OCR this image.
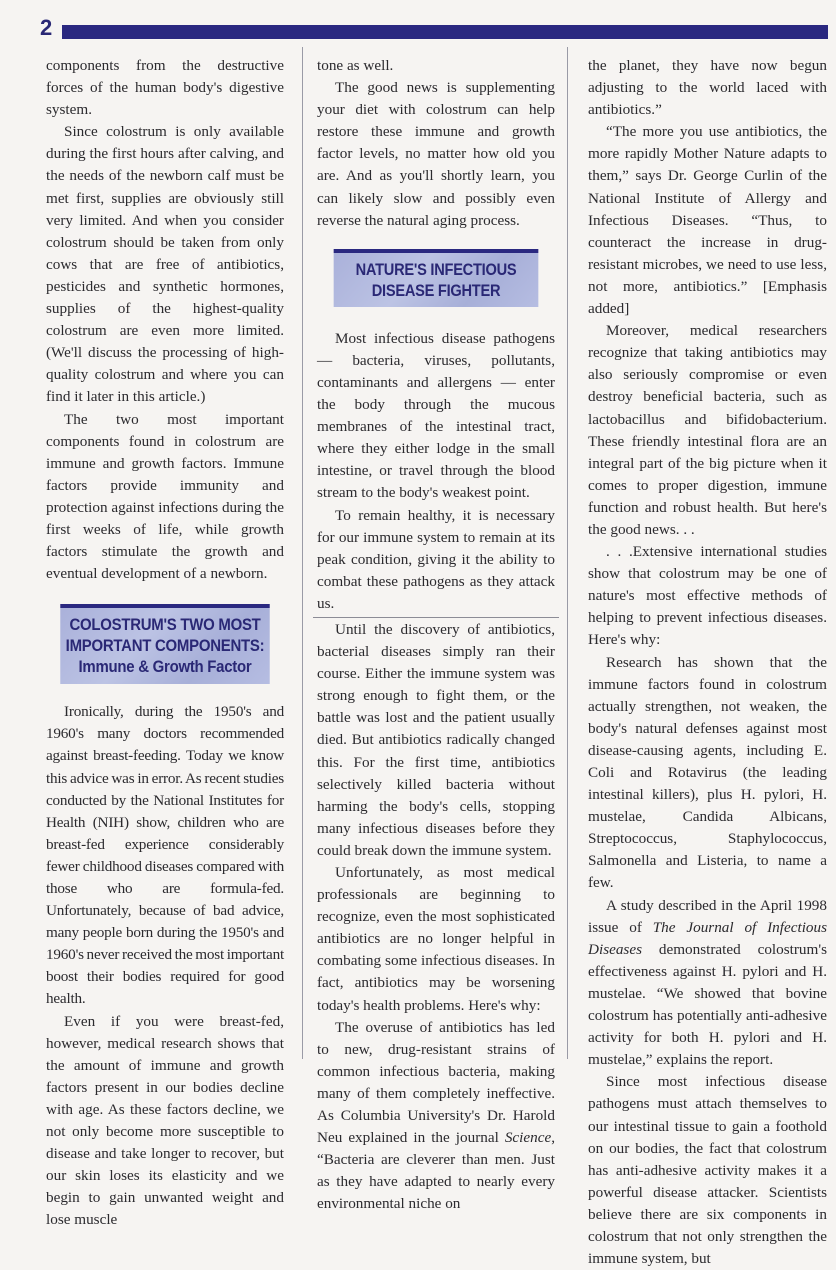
2

components from the destructive forces of the human body's digestive system.

Since colostrum is only available during the first hours after calving, and the needs of the newborn calf must be met first, supplies are obviously still very limited. And when you consider colostrum should be taken from only cows that are free of antibiotics, pesticides and synthetic hormones, supplies of the highest-quality colostrum are even more limited. (We'll discuss the processing of high-quality colostrum and where you can find it later in this article.)

The two most important components found in colostrum are immune and growth factors. Immune factors provide immunity and protection against infections during the first weeks of life, while growth factors stimulate the growth and eventual development of a newborn.

COLOSTRUM'S TWO MOST
IMPORTANT COMPONENTS:
Immune & Growth Factor

Ironically, during the 1950's and 1960's many doctors recommended against breast-feeding. Today we know this advice was in error. As recent studies conducted by the National Institutes for Health (NIH) show, children who are breast-fed experience considerably fewer childhood diseases compared with those who are formula-fed. Unfortunately, because of bad advice, many people born during the 1950's and 1960's never received the most important boost their bodies required for good health.

Even if you were breast-fed, however, medical research shows that the amount of immune and growth factors present in our bodies decline with age. As these factors decline, we not only become more susceptible to disease and take longer to recover, but our skin loses its elasticity and we begin to gain unwanted weight and lose muscle

tone as well.

The good news is supplementing your diet with colostrum can help restore these immune and growth factor levels, no matter how old you are. And as you'll shortly learn, you can likely slow and possibly even reverse the natural aging process.

NATURE'S INFECTIOUS
DISEASE FIGHTER

Most infectious disease pathogens — bacteria, viruses, pollutants, contaminants and allergens — enter the body through the mucous membranes of the intestinal tract, where they either lodge in the small intestine, or travel through the blood stream to the body's weakest point.

To remain healthy, it is necessary for our immune system to remain at its peak condition, giving it the ability to combat these pathogens as they attack us.

Until the discovery of antibiotics, bacterial diseases simply ran their course. Either the immune system was strong enough to fight them, or the battle was lost and the patient usually died. But antibiotics radically changed this. For the first time, antibiotics selectively killed bacteria without harming the body's cells, stopping many infectious diseases before they could break down the immune system.

Unfortunately, as most medical professionals are beginning to recognize, even the most sophisticated antibiotics are no longer helpful in combating some infectious diseases. In fact, antibiotics may be worsening today's health problems. Here's why:

The overuse of antibiotics has led to new, drug-resistant strains of common infectious bacteria, making many of them completely ineffective. As Columbia University's Dr. Harold Neu explained in the journal Science, “Bacteria are cleverer than men. Just as they have adapted to nearly every environmental niche on

the planet, they have now begun adjusting to the world laced with antibiotics.”

“The more you use antibiotics, the more rapidly Mother Nature adapts to them,” says Dr. George Curlin of the National Institute of Allergy and Infectious Diseases. “Thus, to counteract the increase in drug-resistant microbes, we need to use less, not more, antibiotics.” [Emphasis added]

Moreover, medical researchers recognize that taking antibiotics may also seriously compromise or even destroy beneficial bacteria, such as lactobacillus and bifidobacterium. These friendly intestinal flora are an integral part of the big picture when it comes to proper digestion, immune function and robust health. But here's the good news. . .

. . .Extensive international studies show that colostrum may be one of nature's most effective methods of helping to prevent infectious diseases. Here's why:

Research has shown that the immune factors found in colostrum actually strengthen, not weaken, the body's natural defenses against most disease-causing agents, including E. Coli and Rotavirus (the leading intestinal killers), plus H. pylori, H. mustelae, Candida Albicans, Streptococcus, Staphylococcus, Salmonella and Listeria, to name a few.

A study described in the April 1998 issue of The Journal of Infectious Diseases demonstrated colostrum's effectiveness against H. pylori and H. mustelae. “We showed that bovine colostrum has potentially anti-adhesive activity for both H. pylori and H. mustelae,” explains the report.

Since most infectious disease pathogens must attach themselves to our intestinal tissue to gain a foothold on our bodies, the fact that colostrum has anti-adhesive activity makes it a powerful disease attacker. Scientists believe there are six components in colostrum that not only strengthen the immune system, but
